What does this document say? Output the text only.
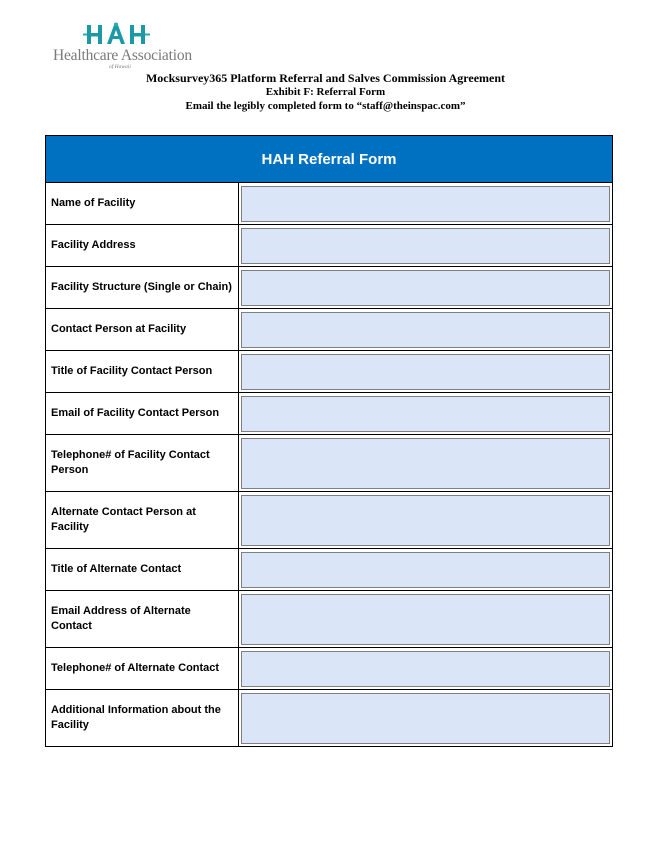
Healthcare Association
of Hawaii
Mocksurvey365 Platform Referral and Salves Commission Agreement
Exhibit F: Referral Form
Email the legibly completed form to “staff@theinspac.com”
HAH Referral Form	
Name of Facility	

Facility Address	

Facility Structure (Single or Chain)	

Contact Person at Facility	

Title of Facility Contact Person	

Email of Facility Contact Person	

Telephone# of Facility Contact Person	

Alternate Contact Person at Facility	

Title of Alternate Contact	

Email Address of Alternate Contact	

Telephone# of Alternate Contact	

Additional Information about the Facility	
